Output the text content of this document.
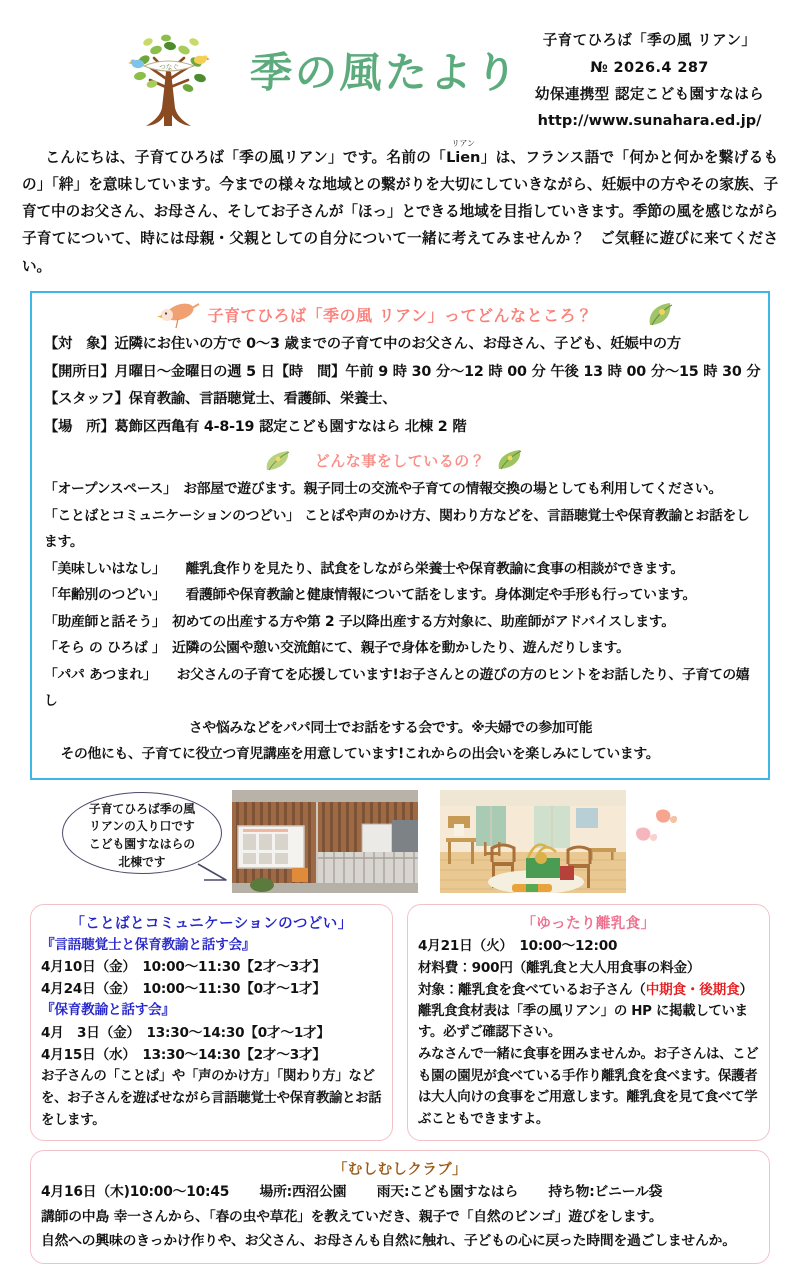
つなぐ 季の風たより
子育てひろば「季の風 リアン」
№ 2026.4 287
幼保連携型 認定こども園すなはら
http://www.sunahara.ed.jp/
こんにちは、子育てひろば「季の風リアン」です。名前の「
リアン
Lien」は、フランス語で「何かと何かを繋げるもの」「絆」を意味しています。今までの様々な地域との繋がりを大切にしていきながら、妊娠中の方やその家族、子育て中のお父さん、お母さん、そしてお子さんが「ほっ」とできる地域を目指していきます。季節の風を感じながら子育てについて、時には母親・父親としての自分について一緒に考えてみませんか？　ご気軽に遊びに来てください。
子育てひろば「季の風 リアン」ってどんなところ？
【対　象】近隣にお住いの方で 0～3 歳までの子育て中のお父さん、お母さん、子ども、妊娠中の方
【開所日】月曜日～金曜日の週 5 日【時　間】午前 9 時 30 分～12 時 00 分 午後 13 時 00 分～15 時 30 分
【スタッフ】保育教諭、言語聴覚士、看護師、栄養士、
【場　所】葛飾区西亀有 4-8-19 認定こども園すなはら 北棟 2 階
どんな事をしているの？
「オープンスペース」　お部屋で遊びます。親子同士の交流や子育ての情報交換の場としても利用してください。
「ことばとコミュニケーションのつどい」 ことばや声のかけ方、関わり方などを、言語聴覚士や保育教諭とお話をします。
「美味しいはなし」　　離乳食作りを見たり、試食をしながら栄養士や保育教諭に食事の相談ができます。
「年齢別のつどい」　　看護師や保育教諭と健康情報について話をします。身体測定や手形も行っています。
「助産師と話そう」　初めての出産する方や第 2 子以降出産する方対象に、助産師がアドバイスします。
「そら の ひろば 」　近隣の公園や憩い交流館にて、親子で身体を動かしたり、遊んだりします。
「パパ あつまれ」　　お父さんの子育てを応援しています!お子さんとの遊びの方のヒントをお話したり、子育ての嬉し
さや悩みなどをパパ同士でお話をする会です。※夫婦での参加可能
その他にも、子育てに役立つ育児講座を用意しています!これからの出会いを楽しみにしています。
子育てひろば季の風
リアンの入り口です
こども園すなはらの
北棟です
「ことばとコミュニケーションのつどい」
『言語聴覚士と保育教諭と話す会』
4月10日（金）　10:00～11:30【2才～3才】
4月24日（金）　10:00～11:30【0才～1才】
『保育教諭と話す会』
4月　3日（金）　13:30～14:30【0才～1才】
4月15日（水）　13:30～14:30【2才～3才】
お子さんの「ことば」や「声のかけ方」「関わり方」などを、お子さんを遊ばせながら言語聴覚士や保育教諭とお話をします。
「ゆったり離乳食」
4月21日（火）　10:00～12:00
材料費：900円（離乳食と大人用食事の料金）
対象：離乳食を食べているお子さん（中期食・後期食）
離乳食食材表は「季の風リアン」の HP に掲載しています。必ずご確認下さい。
みなさんで一緒に食事を囲みませんか。お子さんは、こども園の園児が食べている手作り離乳食を食べます。保護者は大人向けの食事をご用意します。離乳食を見て食べて学ぶこともできますよ。
「むしむしクラブ」
4月16日（木)10:00～10:45 場所:西沼公園 雨天:こども園すなはら 持ち物:ビニール袋
講師の中島 幸一さんから、「春の虫や草花」を教えていだき、親子で「自然のビンゴ」遊びをします。
自然への興味のきっかけ作りや、お父さん、お母さんも自然に触れ、子どもの心に戻った時間を過ごしませんか。
